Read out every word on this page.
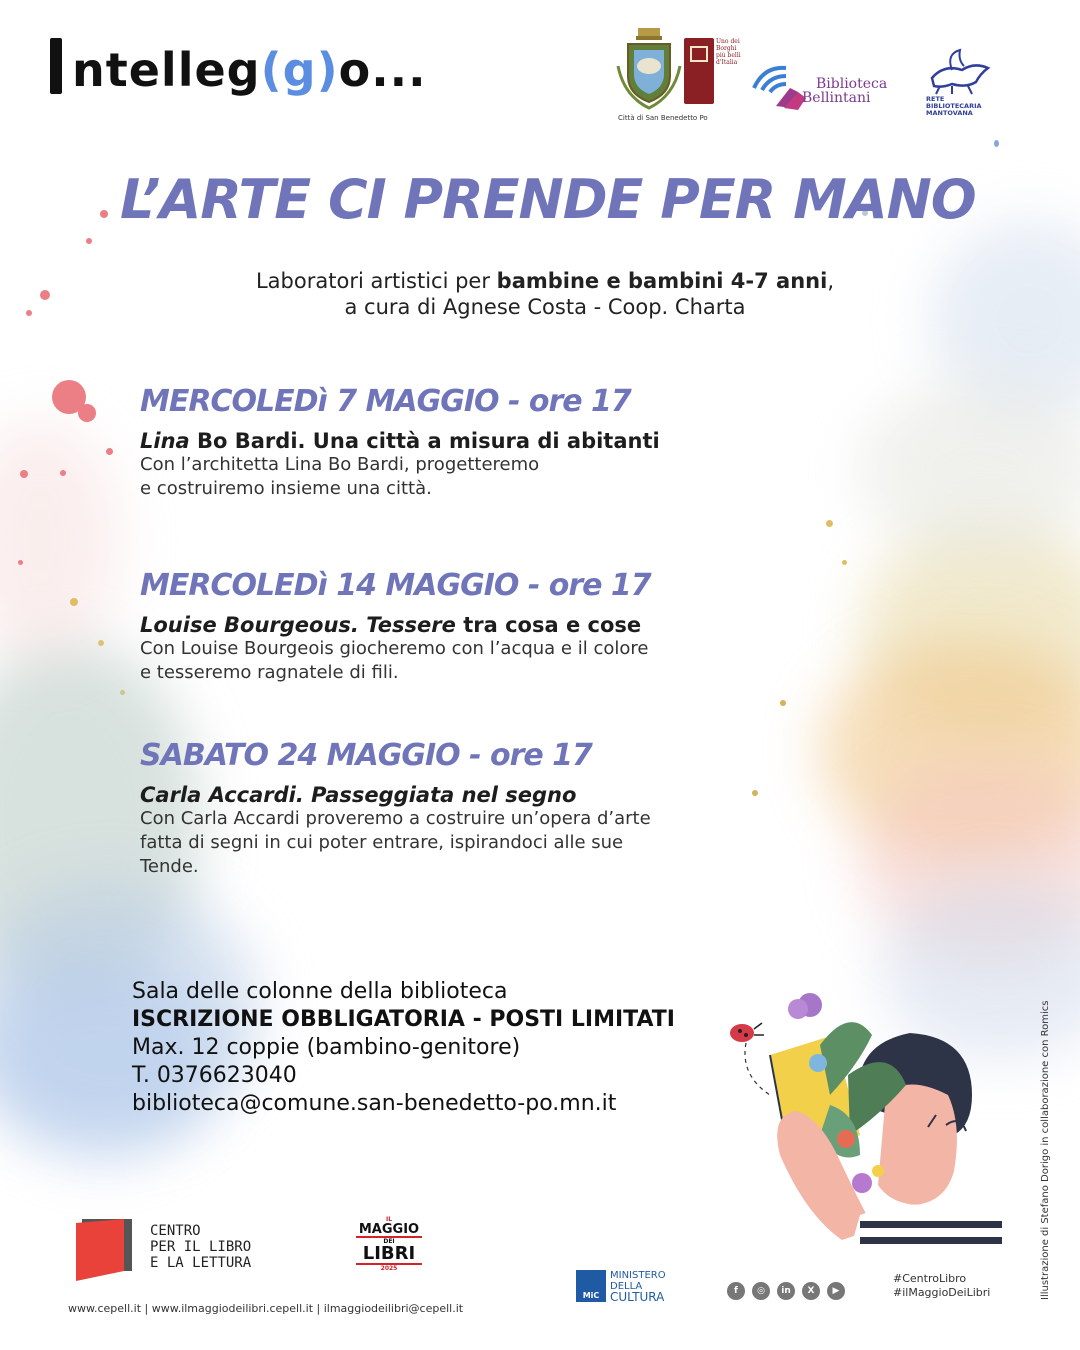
ntelleg(g)o...
Uno dei Borghi più belli d'Italia
Città di San Benedetto Po
Biblioteca
Bellintani	RETE BIBLIOTECARIA MANTOVANA
L’ARTE CI PRENDE PER MANO
Laboratori artistici per bambine e bambini 4-7 anni,
a cura di Agnese Costa - Coop. Charta
MERCOLEDì 7 MAGGIO - ore 17
Lina Bo Bardi. Una città a misura di abitanti
Con l’architetta Lina Bo Bardi, progetteremo
e costruiremo insieme una città.
MERCOLEDì 14 MAGGIO - ore 17
Louise Bourgeous. Tessere tra cosa e cose
Con Louise Bourgeois giocheremo con l’acqua e il colore
e tesseremo ragnatele di fili.
SABATO 24 MAGGIO - ore 17
Carla Accardi. Passeggiata nel segno
Con Carla Accardi proveremo a costruire un’opera d’arte
fatta di segni in cui poter entrare, ispirandoci alle sue
Tende.
Sala delle colonne della biblioteca
ISCRIZIONE OBBLIGATORIA - POSTI LIMITATI
Max. 12 coppie (bambino-genitore)
T. 0376623040
biblioteca@comune.san-benedetto-po.mn.it
CENTRO
PER IL LIBRO
E LA LETTURA
IL
MAGGIO
DEI
LIBRI
2025
MiC
MINISTERO
DELLA
CULTURA	f	◎	in	X	▶
#CentroLibro
#ilMaggioDeiLibri
www.cepell.it | www.ilmaggiodeilibri.cepell.it | ilmaggiodeilibri@cepell.it
Illustrazione di Stefano Dorigo in collaborazione con Romics
